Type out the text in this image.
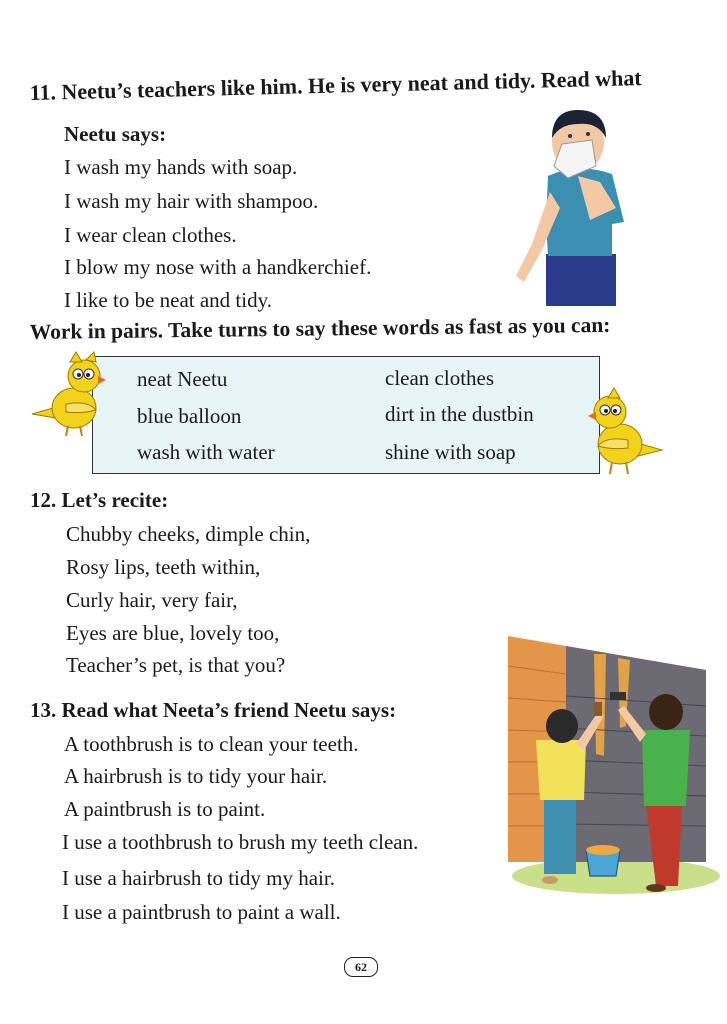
11. Neetu’s teachers like him. He is very neat and tidy. Read what
Neetu says:
I wash my hands with soap.
I wash my hair with shampoo.
I wear clean clothes.
I blow my nose with a handkerchief.
I like to be neat and tidy.
Work in pairs. Take turns to say these words as fast as you can:
neat Neetu
blue balloon
wash with water
clean clothes
dirt in the dustbin
shine with soap
12. Let’s recite:
Chubby cheeks, dimple chin,
Rosy lips, teeth within,
Curly hair, very fair,
Eyes are blue, lovely too,
Teacher’s pet, is that you?
13. Read what Neeta’s friend Neetu says:
A toothbrush is to clean your teeth.
A hairbrush is to tidy your hair.
A paintbrush is to paint.
I use a toothbrush to brush my teeth clean.
I use a hairbrush to tidy my hair.
I use a paintbrush to paint a wall.
62
